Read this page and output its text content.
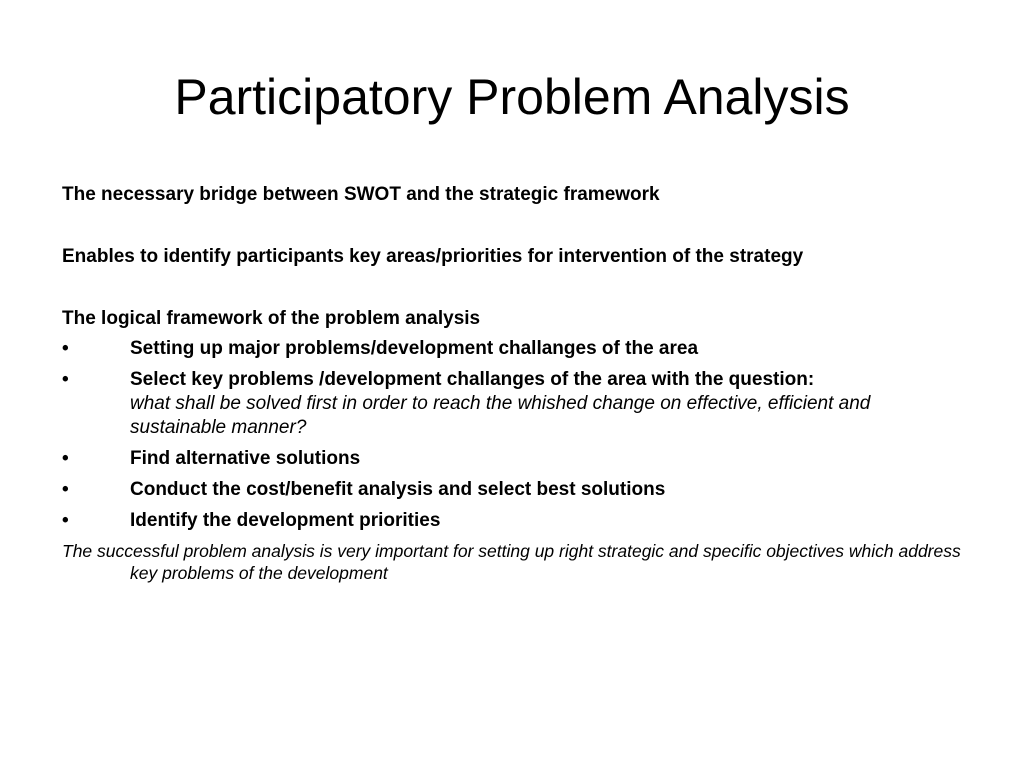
Participatory Problem Analysis

The necessary bridge between SWOT and the strategic framework

Enables to identify participants key areas/priorities for intervention of the strategy

The logical framework of the problem analysis

•	Setting up major problems/development challanges of the area
•	Select key problems /development challanges of the area with the question:
what shall be solved first in order to reach the whished change on effective, efficient and sustainable manner?
•	Find alternative solutions
•	Conduct the cost/benefit analysis and select best solutions
•	Identify the development priorities

The successful problem analysis is very important for setting up right strategic and specific objectives which address key problems of the development
